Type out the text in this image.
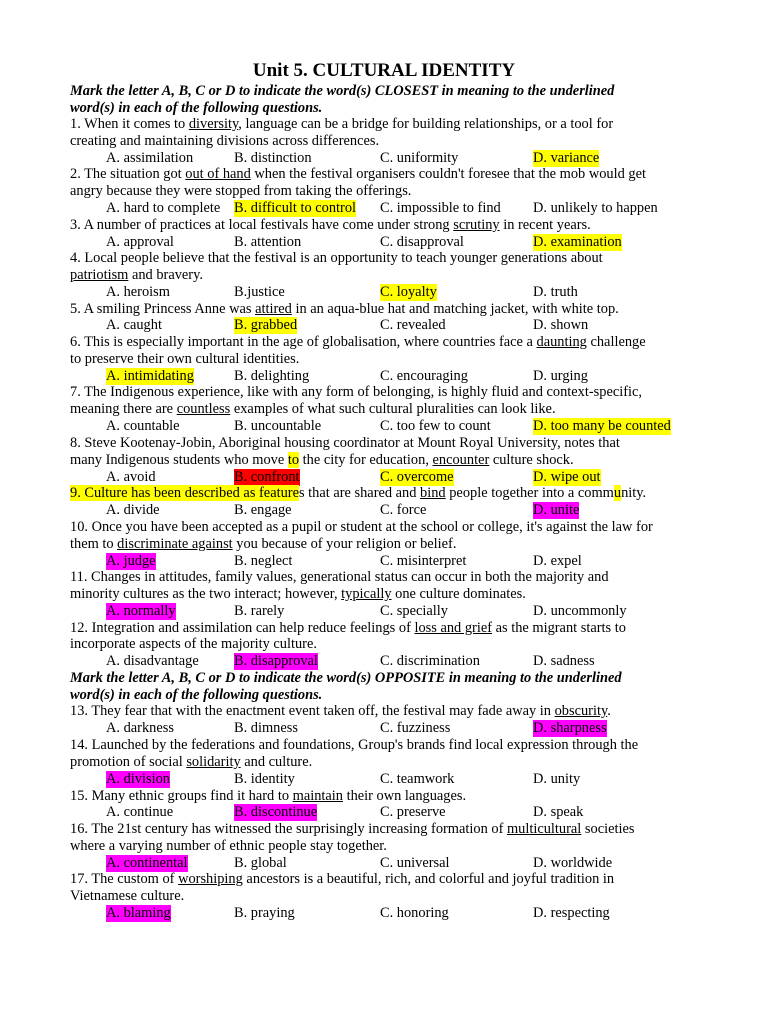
Unit 5. CULTURAL IDENTITY
Mark the letter A, B, C or D to indicate the word(s) CLOSEST in meaning to the underlined
word(s) in each of the following questions.
1. When it comes to diversity, language can be a bridge for building relationships, or a tool for
creating and maintaining divisions across differences.
A. assimilation	B. distinction	C. uniformity	D. variance
2. The situation got out of hand when the festival organisers couldn't foresee that the mob would get
angry because they were stopped from taking the offerings.
A. hard to complete B. difficult to control C. impossible to find D. unlikely to happen
3. A number of practices at local festivals have come under strong scrutiny in recent years.
A. approval	B. attention	C. disapproval	D. examination
4. Local people believe that the festival is an opportunity to teach younger generations about
patriotism and bravery.
A. heroism	B.justice	C. loyalty	D. truth
5. A smiling Princess Anne was attired in an aqua-blue hat and matching jacket, with white top.
A. caught	B. grabbed	C. revealed	D. shown
6. This is especially important in the age of globalisation, where countries face a daunting challenge
to preserve their own cultural identities.
A. intimidating	B. delighting	C. encouraging	D. urging
7. The Indigenous experience, like with any form of belonging, is highly fluid and context-specific,
meaning there are countless examples of what such cultural pluralities can look like.
A. countable	B. uncountable	C. too few to count	D. too many be counted
8. Steve Kootenay-Jobin, Aboriginal housing coordinator at Mount Royal University, notes that
many Indigenous students who move to the city for education, encounter culture shock.
A. avoid	B. confront	C. overcome	D. wipe out
9. Culture has been described as features that are shared and bind people together into a community.
A. divide	B. engage	C. force	D. unite
10. Once you have been accepted as a pupil or student at the school or college, it's against the law for
them to discriminate against you because of your religion or belief.
A. judge	B. neglect	C. misinterpret	D. expel
11. Changes in attitudes, family values, generational status can occur in both the majority and
minority cultures as the two interact; however, typically one culture dominates.
A. normally	B. rarely	C. specially	D. uncommonly
12. Integration and assimilation can help reduce feelings of loss and grief as the migrant starts to
incorporate aspects of the majority culture.
A. disadvantage B. disapproval	C. discrimination	D. sadness
Mark the letter A, B, C or D to indicate the word(s) OPPOSITE in meaning to the underlined
word(s) in each of the following questions.
13. They fear that with the enactment event taken off, the festival may fade away in obscurity.
A. darkness	B. dimness	C. fuzziness	D. sharpness
14. Launched by the federations and foundations, Group's brands find local expression through the
promotion of social solidarity and culture.
A. division	B. identity	C. teamwork	D. unity
15. Many ethnic groups find it hard to maintain their own languages.
A. continue	B. discontinue	C. preserve	D. speak
16. The 21st century has witnessed the surprisingly increasing formation of multicultural societies
where a varying number of ethnic people stay together.
A. continental	B. global	C. universal	D. worldwide
17. The custom of worshiping ancestors is a beautiful, rich, and colorful and joyful tradition in
Vietnamese culture.
A. blaming	B. praying	C. honoring	D. respecting
